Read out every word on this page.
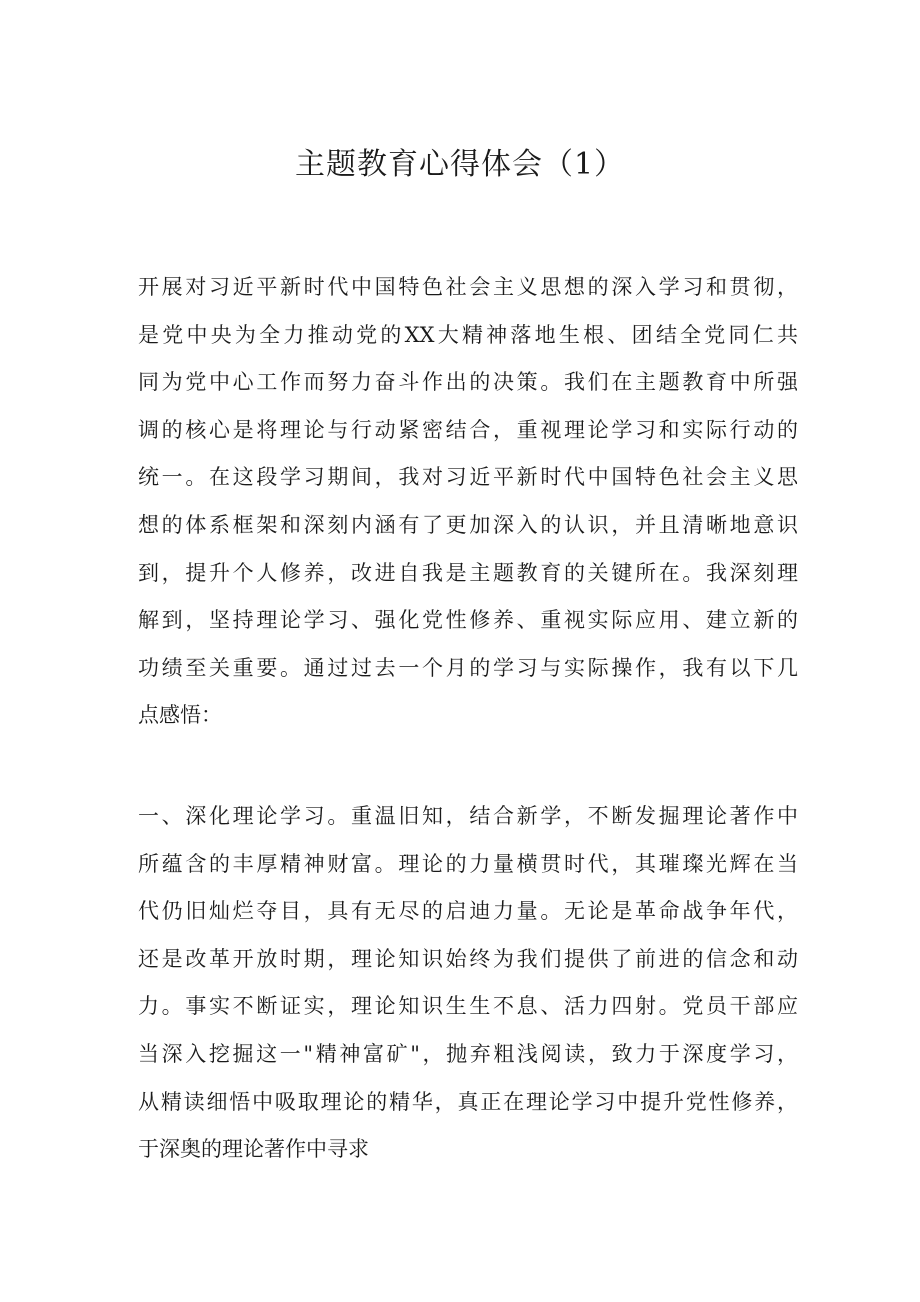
主题教育心得体会（1）
开展对习近平新时代中国特色社会主义思想的深入学习和贯彻，
是党中央为全力推动党的XX大精神落地生根、团结全党同仁共
同为党中心工作而努力奋斗作出的决策。我们在主题教育中所强
调的核心是将理论与行动紧密结合，重视理论学习和实际行动的
统一。在这段学习期间，我对习近平新时代中国特色社会主义思
想的体系框架和深刻内涵有了更加深入的认识，并且清晰地意识
到，提升个人修养，改进自我是主题教育的关键所在。我深刻理
解到，坚持理论学习、强化党性修养、重视实际应用、建立新的
功绩至关重要。通过过去一个月的学习与实际操作，我有以下几
点感悟：
一、深化理论学习。重温旧知，结合新学，不断发掘理论著作中
所蕴含的丰厚精神财富。理论的力量横贯时代，其璀璨光辉在当
代仍旧灿烂夺目，具有无尽的启迪力量。无论是革命战争年代，
还是改革开放时期，理论知识始终为我们提供了前进的信念和动
力。事实不断证实，理论知识生生不息、活力四射。党员干部应
当深入挖掘这一"精神富矿"，抛弃粗浅阅读，致力于深度学习，
从精读细悟中吸取理论的精华，真正在理论学习中提升党性修养，
于深奥的理论著作中寻求
